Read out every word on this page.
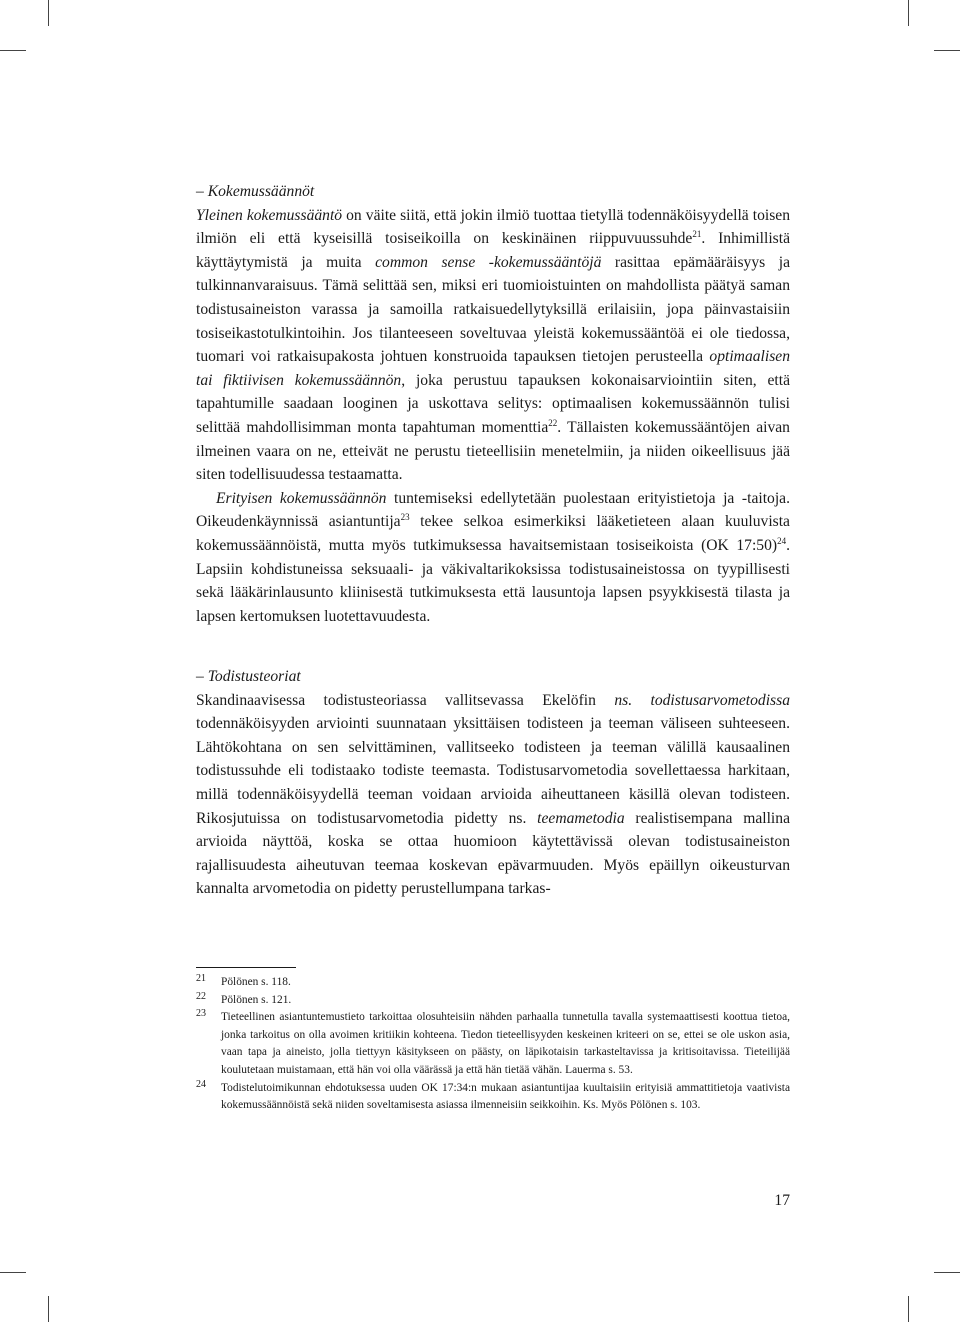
– Kokemussäännöt

Yleinen kokemussääntö on väite siitä, että jokin ilmiö tuottaa tietyllä todennäköisyydellä toisen ilmiön eli että kyseisillä tosiseikoilla on keskinäinen riippuvuussuhde$^{21}$. Inhimillistä käyttäytymistä ja muita common sense -kokemussääntöjä rasittaa epämääräisyys ja tulkinnanvaraisuus. Tämä selittää sen, miksi eri tuomioistuinten on mahdollista päätyä saman todistusaineiston varassa ja samoilla ratkaisuedellytyksillä erilaisiin, jopa päinvastaisiin tosiseikastotulkintoihin. Jos tilanteeseen soveltuvaa yleistä kokemussääntöä ei ole tiedossa, tuomari voi ratkaisupakosta johtuen konstruoida tapauksen tietojen perusteella optimaalisen tai fiktiivisen kokemussäännön, joka perustuu tapauksen kokonaisarviointiin siten, että tapahtumille saadaan looginen ja uskottava selitys: optimaalisen kokemussäännön tulisi selittää mahdollisimman monta tapahtuman momenttia$^{22}$. Tällaisten kokemussääntöjen aivan ilmeinen vaara on ne, etteivät ne perustu tieteellisiin menetelmiin, ja niiden oikeellisuus jää siten todellisuudessa testaamatta.

Erityisen kokemussäännön tuntemiseksi edellytetään puolestaan erityistietoja ja -taitoja. Oikeudenkäynnissä asiantuntija$^{23}$ tekee selkoa esimerkiksi lääketieteen alaan kuuluvista kokemussäännöistä, mutta myös tutkimuksessa havaitsemistaan tosiseikoista (OK 17:50)$^{24}$. Lapsiin kohdistuneissa seksuaali- ja väkivaltarikoksissa todistusaineistossa on tyypillisesti sekä lääkärinlausunto kliinisestä tutkimuksesta että lausuntoja lapsen psyykkisestä tilasta ja lapsen kertomuksen luotettavuudesta.

– Todistusteoriat

Skandinaavisessa todistusteoriassa vallitsevassa Ekelöfin ns. todistusarvometodissa todennäköisyyden arviointi suunnataan yksittäisen todisteen ja teeman väliseen suhteeseen. Lähtökohtana on sen selvittäminen, vallitseeko todisteen ja teeman välillä kausaalinen todistussuhde eli todistaako todiste teemasta. Todistusarvometodia sovellettaessa harkitaan, millä todennäköisyydellä teeman voidaan arvioida aiheuttaneen käsillä olevan todisteen. Rikosjutuissa on todistusarvometodia pidetty ns. teemametodia realistisempana mallina arvioida näyttöä, koska se ottaa huomioon käytettävissä olevan todistusaineiston rajallisuudesta aiheutuvan teemaa koskevan epävarmuuden. Myös epäillyn oikeusturvan kannalta arvometodia on pidetty perustellumpana tarkas-

21	Pölönen s. 118.
22	Pölönen s. 121.
23	Tieteellinen asiantuntemustieto tarkoittaa olosuhteisiin nähden parhaalla tunnetulla tavalla systemaattisesti koottua tietoa, jonka tarkoitus on olla avoimen kritiikin kohteena. Tiedon tieteellisyyden keskeinen kriteeri on se, ettei se ole uskon asia, vaan tapa ja aineisto, jolla tiettyyn käsitykseen on päästy, on läpikotaisin tarkasteltavissa ja kritisoitavissa. Tieteilijää koulutetaan muistamaan, että hän voi olla väärässä ja että hän tietää vähän. Lauerma s. 53.
24	Todistelutoimikunnan ehdotuksessa uuden OK 17:34:n mukaan asiantuntijaa kuultaisiin erityisiä ammattitietoja vaativista kokemussäännöistä sekä niiden soveltamisesta asiassa ilmenneisiin seikkoihin. Ks. Myös Pölönen s. 103.
17
